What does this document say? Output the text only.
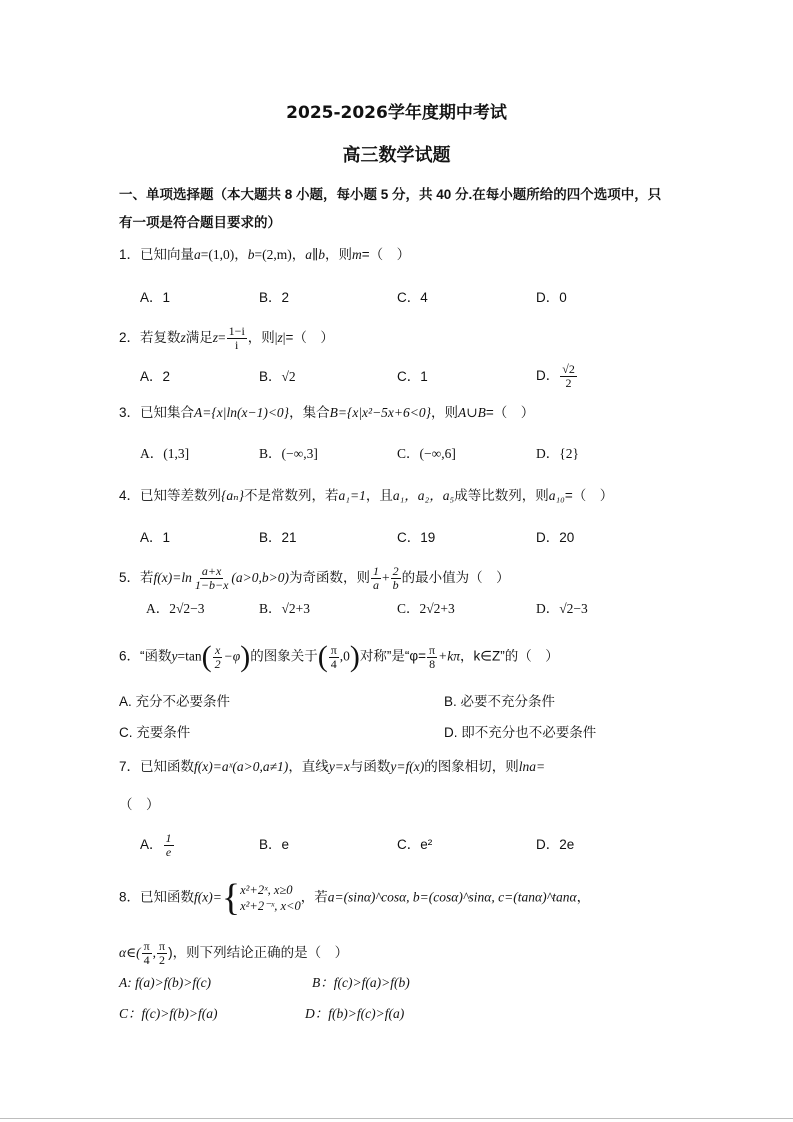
2025-2026学年度期中考试
高三数学试题
一、单项选择题（本大题共 8 小题，每小题 5 分，共 40 分.在每小题所给的四个选项中，只
有一项是符合题目要求的）
1．已知向量a=(1,0)，b=(2,m)，a∥b，则m=（　）
A．1	B．2	C．4	D．0
2．若复数z满足$z= \frac{1-i}{i}$ ，则|z|=（　）
A．2	B．√2	C．1	D． $\frac{√2}{2}$
3．已知集合A={x|ln(x−1)<0}，集合B={x|x²−5x+6<0}，则A∪B=（　）
A．(1,3]	B．(−∞,3]	C．(−∞,6]	D．{2}
4．已知等差数列{aₙ}不是常数列，若a₁=1，且a₁，a₂，a₅成等比数列，则a₁₀=（　）
A．1	B．21	C．19	D．20
5．若$f(x)=\ln \frac{a+x}{1-b-x} (a>0,b>0)$为奇函数，则 $\frac{1}{a} + \frac{2}{b}$ 的最小值为（　）
A．2√2−3	B．√2+3	C．2√2+3	D．√2−3
6．“函数$y=\tan( \frac{x}{2} -\varphi)$的图象关于( $\frac{\pi}{4} ,0$)对称”是“$\varphi= \frac{\pi}{8} +k\pi$，k∈Z”的（　）
A. 充分不必要条件	B. 必要不充分条件
C. 充要条件	D. 即不充分也不必要条件
7．已知函数f(x)=aˣ(a>0,a≠1)，直线y=x与函数y=f(x)的图象相切，则lna=
（　）
A． $\frac{1}{e}$	B．e	C．e²	D．2e
8．已知函数f(x)={ x²+2ˣ, x≥0
x²+2⁻ˣ, x<0
，若a=(sinα)^cosα, b=(cosα)^sinα, c=(tanα)^tanα，
α∈( $\frac{\pi}{4}$ , $\frac{\pi}{2}$ )，则下列结论正确的是（　）
A: f(a)>f(b)>f(c)	B：f(c)>f(a)>f(b)
C：f(c)>f(b)>f(a)	D：f(b)>f(c)>f(a)
